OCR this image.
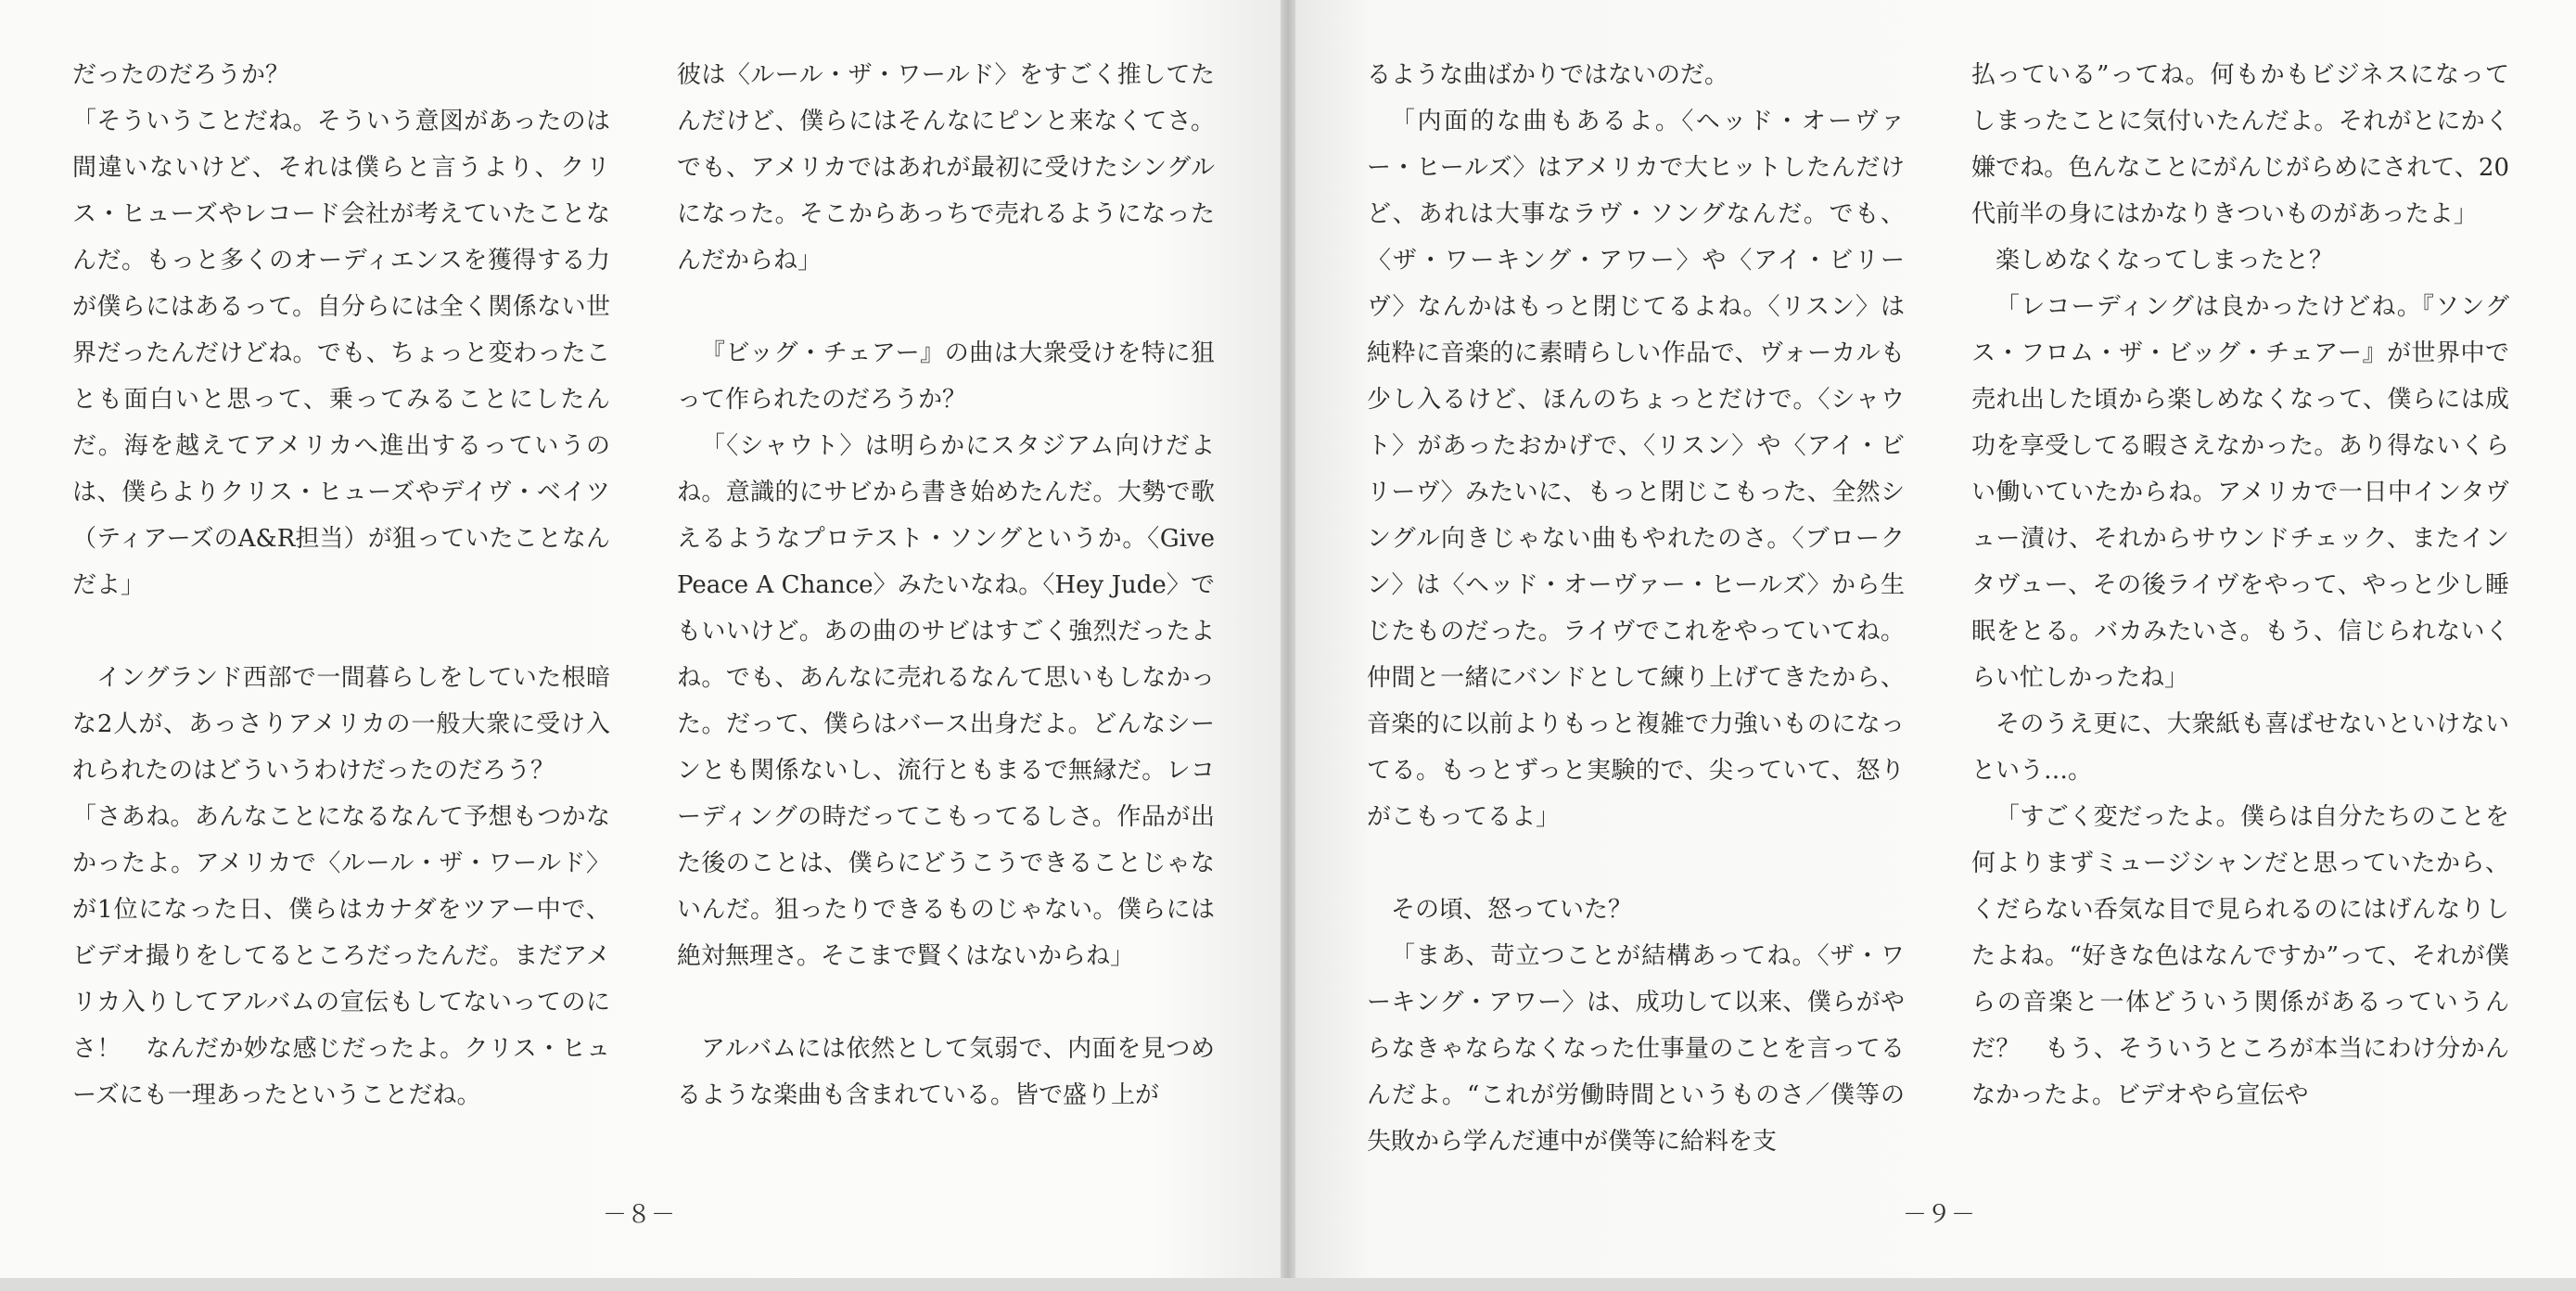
だったのだろうか？

「そういうことだね。そういう意図があったのは間違いないけど、それは僕らと言うより、クリス・ヒューズやレコード会社が考えていたことなんだ。もっと多くのオーディエンスを獲得する力が僕らにはあるって。自分らには全く関係ない世界だったんだけどね。でも、ちょっと変わったことも面白いと思って、乗ってみることにしたんだ。海を越えてアメリカへ進出するっていうのは、僕らよりクリス・ヒューズやデイヴ・ベイツ（ティアーズのA&R担当）が狙っていたことなんだよ」

イングランド西部で一間暮らしをしていた根暗な2人が、あっさりアメリカの一般大衆に受け入れられたのはどういうわけだったのだろう？

「さあね。あんなことになるなんて予想もつかなかったよ。アメリカで〈ルール・ザ・ワールド〉が1位になった日、僕らはカナダをツアー中で、ビデオ撮りをしてるところだったんだ。まだアメリカ入りしてアルバムの宣伝もしてないってのにさ！　なんだか妙な感じだったよ。クリス・ヒューズにも一理あったということだね。

彼は〈ルール・ザ・ワールド〉をすごく推してたんだけど、僕らにはそんなにピンと来なくてさ。でも、アメリカではあれが最初に受けたシングルになった。そこからあっちで売れるようになったんだからね」

『ビッグ・チェアー』の曲は大衆受けを特に狙って作られたのだろうか？

「〈シャウト〉は明らかにスタジアム向けだよね。意識的にサビから書き始めたんだ。大勢で歌えるようなプロテスト・ソングというか。〈Give Peace A Chance〉みたいなね。〈Hey Jude〉でもいいけど。あの曲のサビはすごく強烈だったよね。でも、あんなに売れるなんて思いもしなかった。だって、僕らはバース出身だよ。どんなシーンとも関係ないし、流行ともまるで無縁だ。レコーディングの時だってこもってるしさ。作品が出た後のことは、僕らにどうこうできることじゃないんだ。狙ったりできるものじゃない。僕らには絶対無理さ。そこまで賢くはないからね」

アルバムには依然として気弱で、内面を見つめるような楽曲も含まれている。皆で盛り上が

－８－

るような曲ばかりではないのだ。

「内面的な曲もあるよ。〈ヘッド・オーヴァー・ヒールズ〉はアメリカで大ヒットしたんだけど、あれは大事なラヴ・ソングなんだ。でも、〈ザ・ワーキング・アワー〉や〈アイ・ビリーヴ〉なんかはもっと閉じてるよね。〈リスン〉は純粋に音楽的に素晴らしい作品で、ヴォーカルも少し入るけど、ほんのちょっとだけで。〈シャウト〉があったおかげで、〈リスン〉や〈アイ・ビリーヴ〉みたいに、もっと閉じこもった、全然シングル向きじゃない曲もやれたのさ。〈ブロークン〉は〈ヘッド・オーヴァー・ヒールズ〉から生じたものだった。ライヴでこれをやっていてね。仲間と一緒にバンドとして練り上げてきたから、音楽的に以前よりもっと複雑で力強いものになってる。もっとずっと実験的で、尖っていて、怒りがこもってるよ」

その頃、怒っていた？

「まあ、苛立つことが結構あってね。〈ザ・ワーキング・アワー〉は、成功して以来、僕らがやらなきゃならなくなった仕事量のことを言ってるんだよ。“これが労働時間というものさ／僕等の失敗から学んだ連中が僕等に給料を支

払っている”ってね。何もかもビジネスになってしまったことに気付いたんだよ。それがとにかく嫌でね。色んなことにがんじがらめにされて、20代前半の身にはかなりきついものがあったよ」

楽しめなくなってしまったと？

「レコーディングは良かったけどね。『ソングス・フロム・ザ・ビッグ・チェアー』が世界中で売れ出した頃から楽しめなくなって、僕らには成功を享受してる暇さえなかった。あり得ないくらい働いていたからね。アメリカで一日中インタヴュー漬け、それからサウンドチェック、またインタヴュー、その後ライヴをやって、やっと少し睡眠をとる。バカみたいさ。もう、信じられないくらい忙しかったね」

そのうえ更に、大衆紙も喜ばせないといけないという…。

「すごく変だったよ。僕らは自分たちのことを何よりまずミュージシャンだと思っていたから、くだらない呑気な目で見られるのにはげんなりしたよね。“好きな色はなんですか”って、それが僕らの音楽と一体どういう関係があるっていうんだ？　もう、そういうところが本当にわけ分かんなかったよ。ビデオやら宣伝や

－９－
